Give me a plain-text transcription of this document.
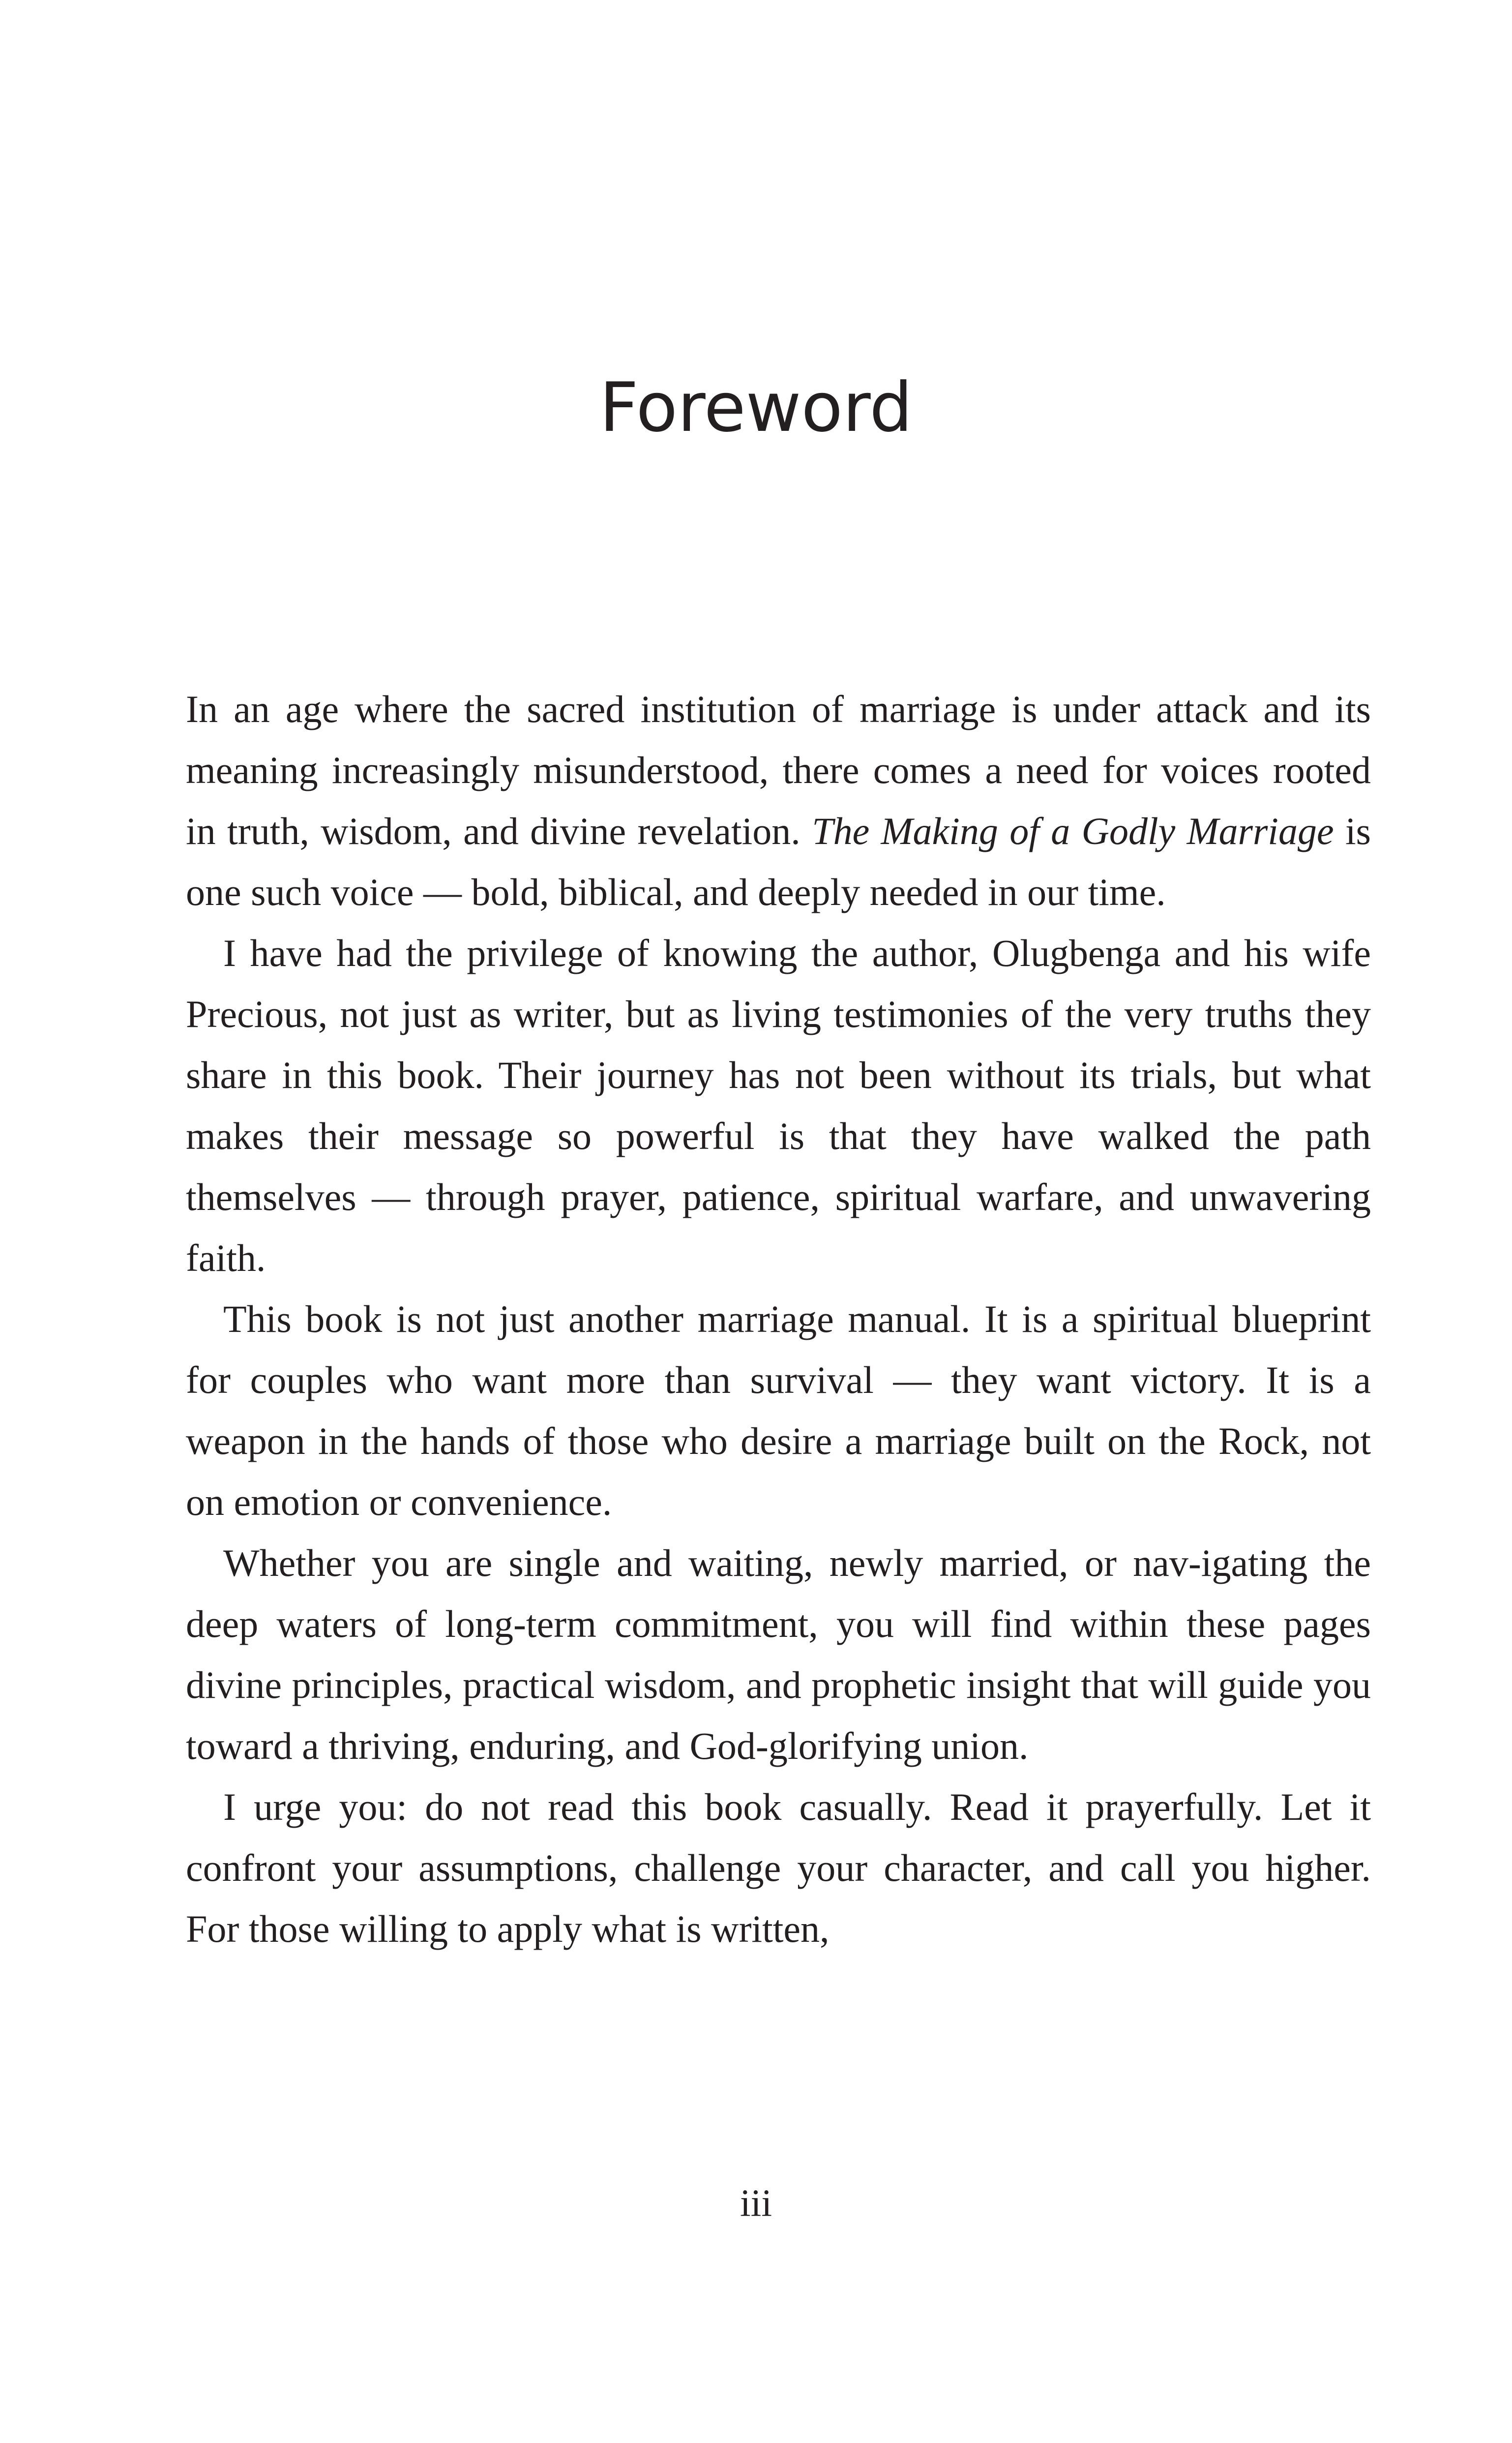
Foreword

In an age where the sacred institution of marriage is under attack and its meaning increasingly misunderstood, there comes a need for voices rooted in truth, wisdom, and divine revelation. The Making of a Godly Marriage is one such voice — bold, biblical, and deeply needed in our time.

I have had the privilege of knowing the author, Olugbenga and his wife Precious, not just as writer, but as living testimonies of the very truths they share in this book. Their journey has not been without its trials, but what makes their message so powerful is that they have walked the path themselves — through prayer, patience, spiritual warfare, and unwavering faith.

This book is not just another marriage manual. It is a spiritual blueprint for couples who want more than survival — they want victory. It is a weapon in the hands of those who desire a marriage built on the Rock, not on emotion or convenience.

Whether you are single and waiting, newly married, or nav-igating the deep waters of long-term commitment, you will find within these pages divine principles, practical wisdom, and prophetic insight that will guide you toward a thriving, enduring, and God-glorifying union.

I urge you: do not read this book casually. Read it prayerfully. Let it confront your assumptions, challenge your character, and call you higher. For those willing to apply what is written,

iii
